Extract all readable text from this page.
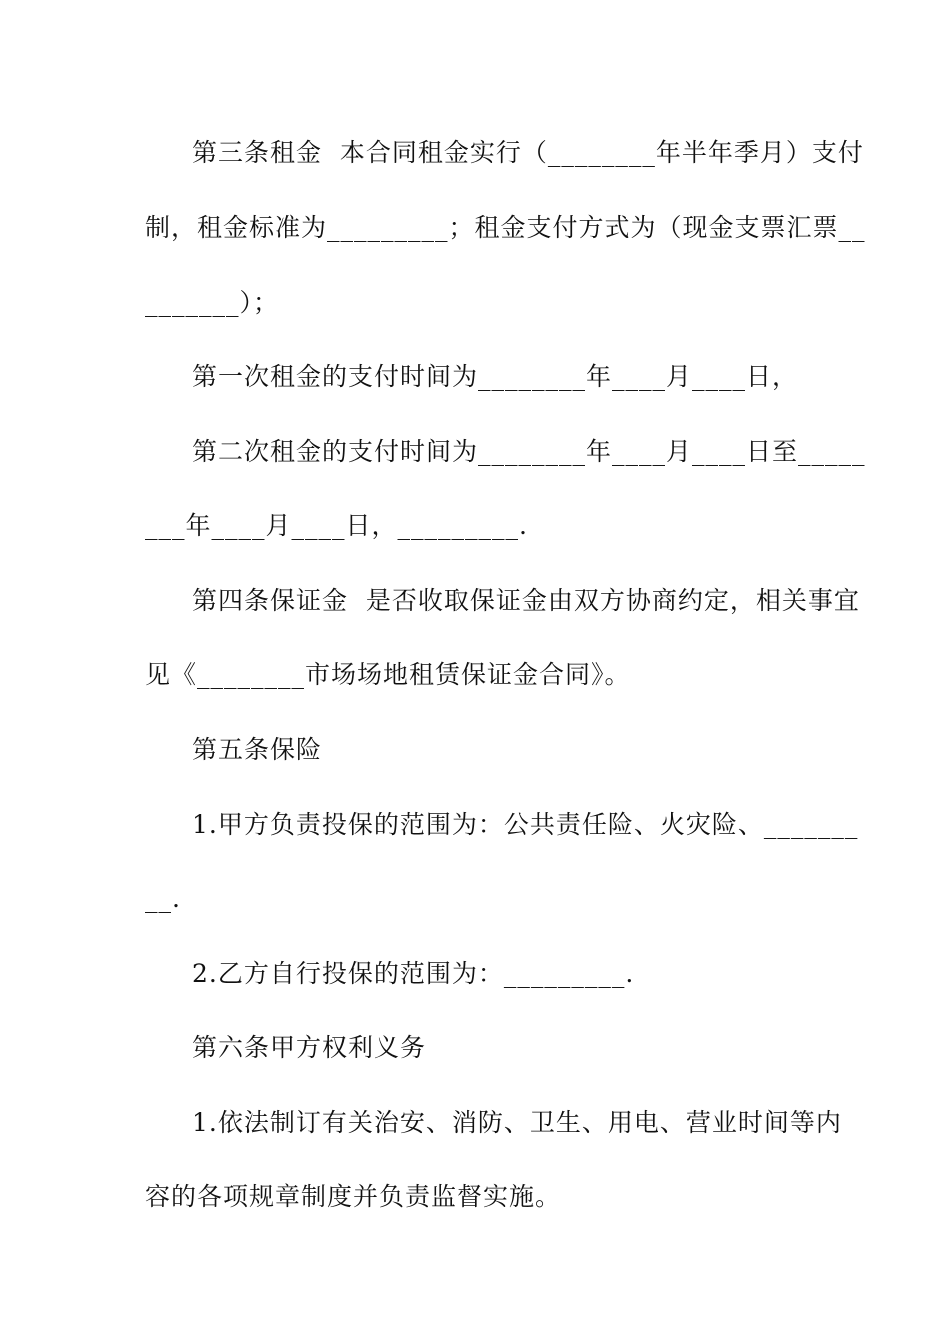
第三条租金  本合同租金实行（________年半年季月）支付
制，租金标准为_________；租金支付方式为（现金支票汇票__
_______）；
第一次租金的支付时间为________年____月____日，
第二次租金的支付时间为________年____月____日至_____
___年____月____日，_________.
第四条保证金  是否收取保证金由双方协商约定，相关事宜
见《________市场场地租赁保证金合同》。
第五条保险
1.甲方负责投保的范围为：公共责任险、火灾险、_______
__.
2.乙方自行投保的范围为：_________.
第六条甲方权利义务
1.依法制订有关治安、消防、卫生、用电、营业时间等内
容的各项规章制度并负责监督实施。
